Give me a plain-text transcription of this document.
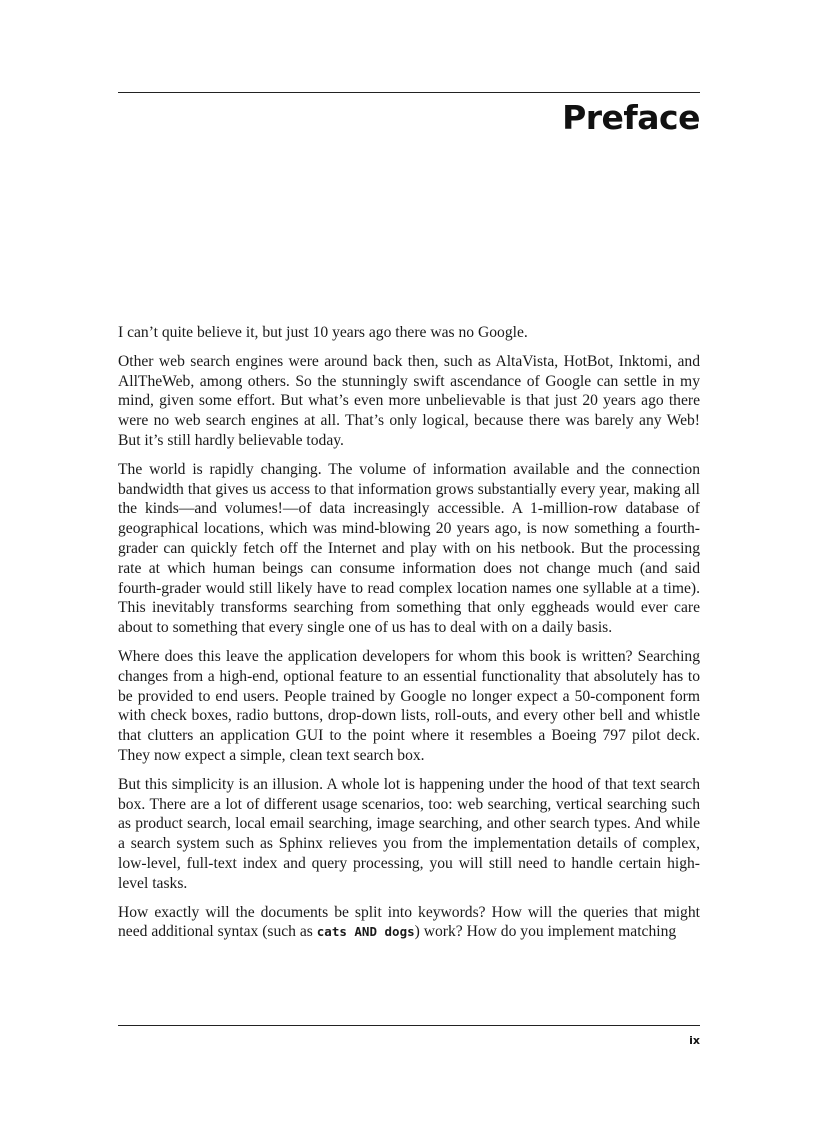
Preface

I can’t quite believe it, but just 10 years ago there was no Google.

Other web search engines were around back then, such as AltaVista, HotBot, Inktomi, and AllTheWeb, among others. So the stunningly swift ascendance of Google can settle in my mind, given some effort. But what’s even more unbelievable is that just 20 years ago there were no web search engines at all. That’s only logical, because there was barely any Web! But it’s still hardly believable today.

The world is rapidly changing. The volume of information available and the connection bandwidth that gives us access to that information grows substantially every year, making all the kinds—and volumes!—of data increasingly accessible. A 1-million-row database of geographical locations, which was mind-blowing 20 years ago, is now something a fourth-grader can quickly fetch off the Internet and play with on his netbook. But the processing rate at which human beings can consume information does not change much (and said fourth-grader would still likely have to read complex location names one syllable at a time). This inevitably transforms searching from something that only eggheads would ever care about to something that every single one of us has to deal with on a daily basis.

Where does this leave the application developers for whom this book is written? Searching changes from a high-end, optional feature to an essential functionality that absolutely has to be provided to end users. People trained by Google no longer expect a 50-component form with check boxes, radio buttons, drop-down lists, roll-outs, and every other bell and whistle that clutters an application GUI to the point where it resembles a Boeing 797 pilot deck. They now expect a simple, clean text search box.

But this simplicity is an illusion. A whole lot is happening under the hood of that text search box. There are a lot of different usage scenarios, too: web searching, vertical searching such as product search, local email searching, image searching, and other search types. And while a search system such as Sphinx relieves you from the implementation details of complex, low-level, full-text index and query processing, you will still need to handle certain high-level tasks.

How exactly will the documents be split into keywords? How will the queries that might need additional syntax (such as cats AND dogs) work? How do you implement matching

ix
